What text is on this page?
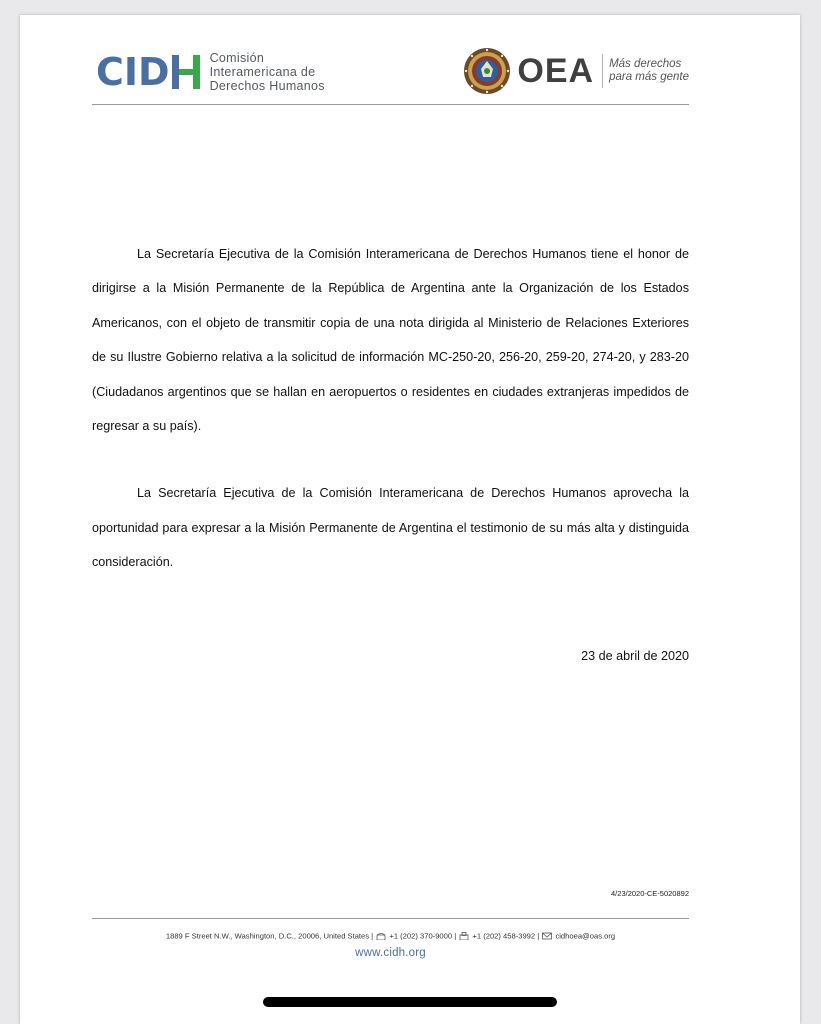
CID	Comisión
Interamericana de
Derechos Humanos	OEA Más derechos
para más gente

La Secretaría Ejecutiva de la Comisión Interamericana de Derechos Humanos tiene el honor de dirigirse a la Misión Permanente de la República de Argentina ante la Organización de los Estados Americanos, con el objeto de transmitir copia de una nota dirigida al Ministerio de Relaciones Exteriores de su Ilustre Gobierno relativa a la solicitud de información MC-250-20, 256-20, 259-20, 274-20, y 283-20 (Ciudadanos argentinos que se hallan en aeropuertos o residentes en ciudades extranjeras impedidos de regresar a su país).

La Secretaría Ejecutiva de la Comisión Interamericana de Derechos Humanos aprovecha la oportunidad para expresar a la Misión Permanente de Argentina el testimonio de su más alta y distinguida consideración.

23 de abril de 2020
4/23/2020-CE-5020892
1889 F Street N.W., Washington, D.C., 20006, United States | +1 (202) 370-9000 | +1 (202) 458-3992 | cidhoea@oas.org
www.cidh.org
